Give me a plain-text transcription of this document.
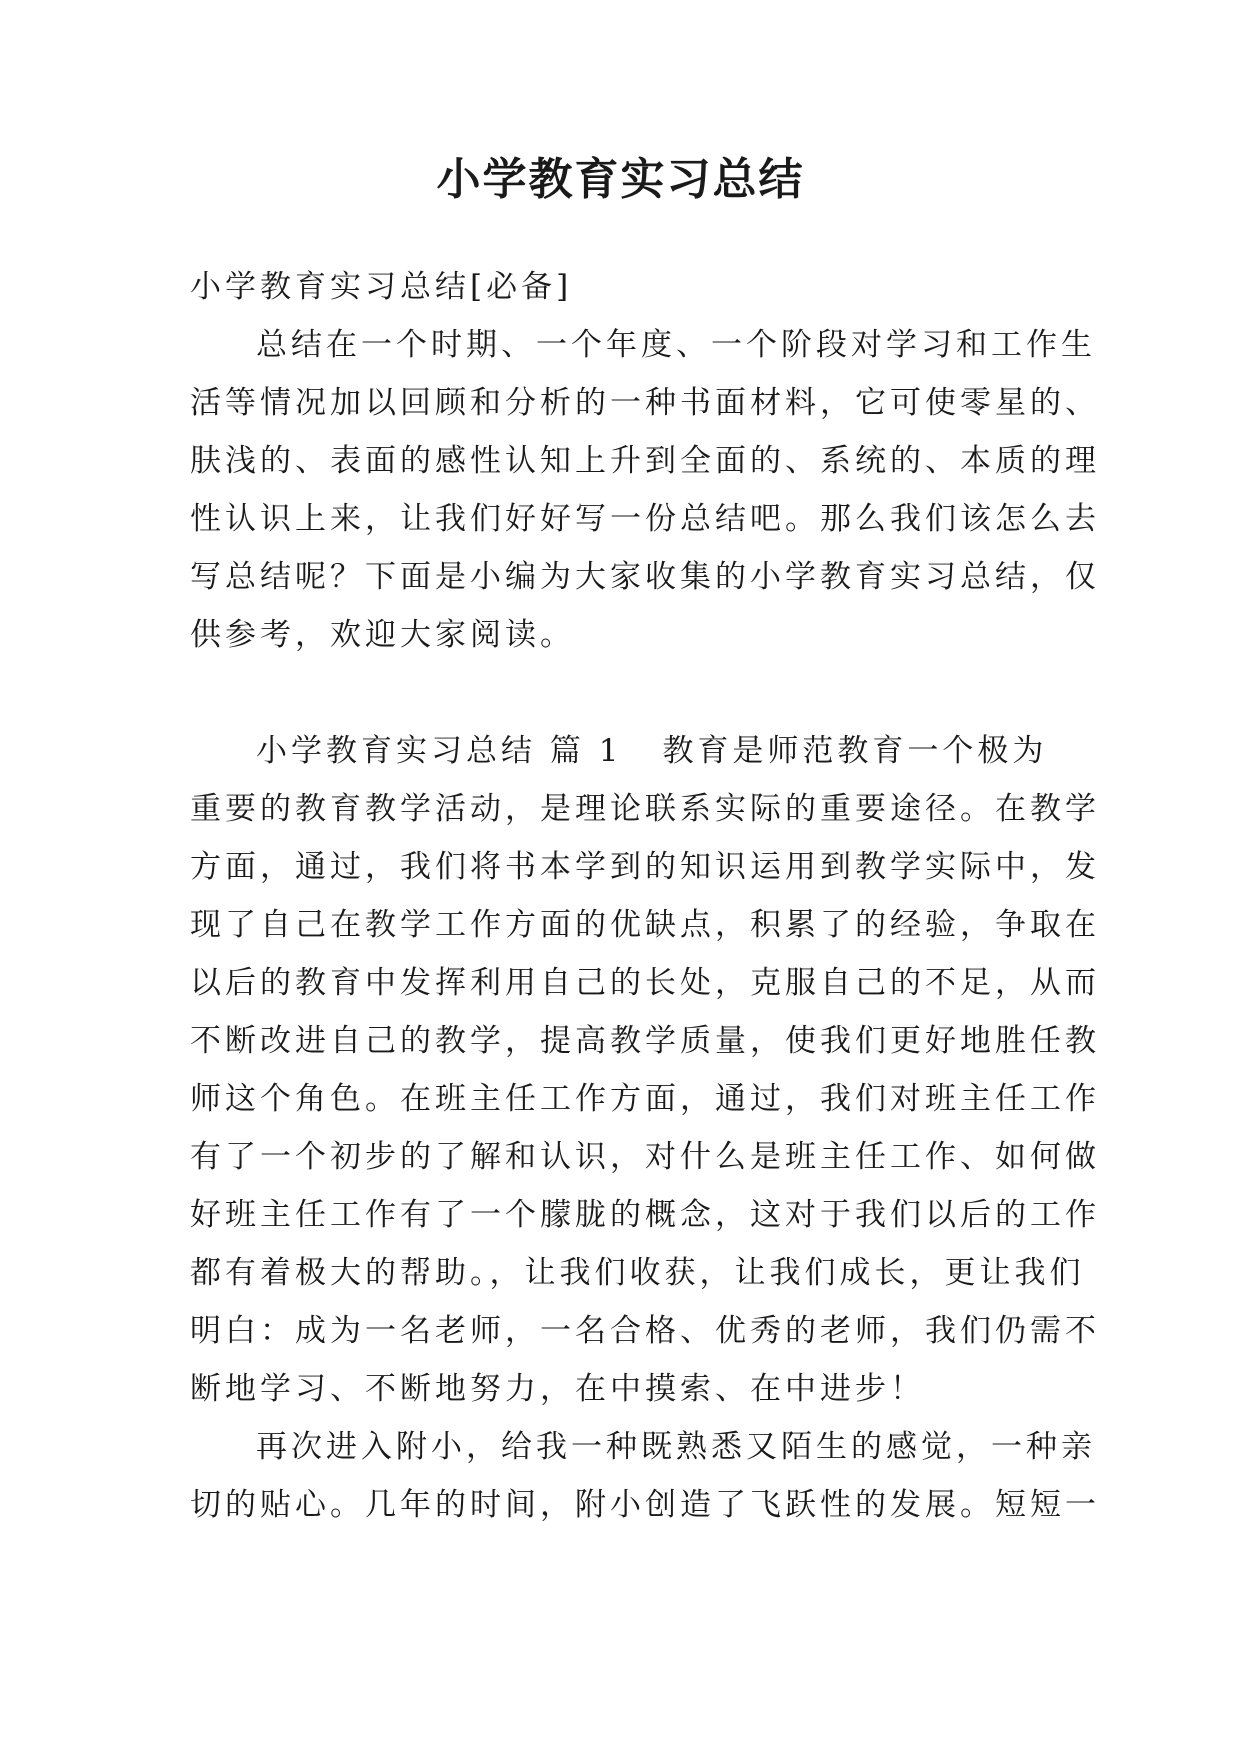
小学教育实习总结
小学教育实习总结[必备]
总结在一个时期、一个年度、一个阶段对学习和工作生
活等情况加以回顾和分析的一种书面材料，它可使零星的、
肤浅的、表面的感性认知上升到全面的、系统的、本质的理
性认识上来，让我们好好写一份总结吧。那么我们该怎么去
写总结呢？下面是小编为大家收集的小学教育实习总结，仅
供参考，欢迎大家阅读。
小学教育实习总结 篇 1 教育是师范教育一个极为
重要的教育教学活动，是理论联系实际的重要途径。在教学
方面，通过，我们将书本学到的知识运用到教学实际中，发
现了自己在教学工作方面的优缺点，积累了的经验，争取在
以后的教育中发挥利用自己的长处，克服自己的不足，从而
不断改进自己的教学，提高教学质量，使我们更好地胜任教
师这个角色。在班主任工作方面，通过，我们对班主任工作
有了一个初步的了解和认识，对什么是班主任工作、如何做
好班主任工作有了一个朦胧的概念，这对于我们以后的工作
都有着极大的帮助。，让我们收获，让我们成长，更让我们
明白：成为一名老师，一名合格、优秀的老师，我们仍需不
断地学习、不断地努力，在中摸索、在中进步！
再次进入附小，给我一种既熟悉又陌生的感觉，一种亲
切的贴心。几年的时间，附小创造了飞跃性的发展。短短一
